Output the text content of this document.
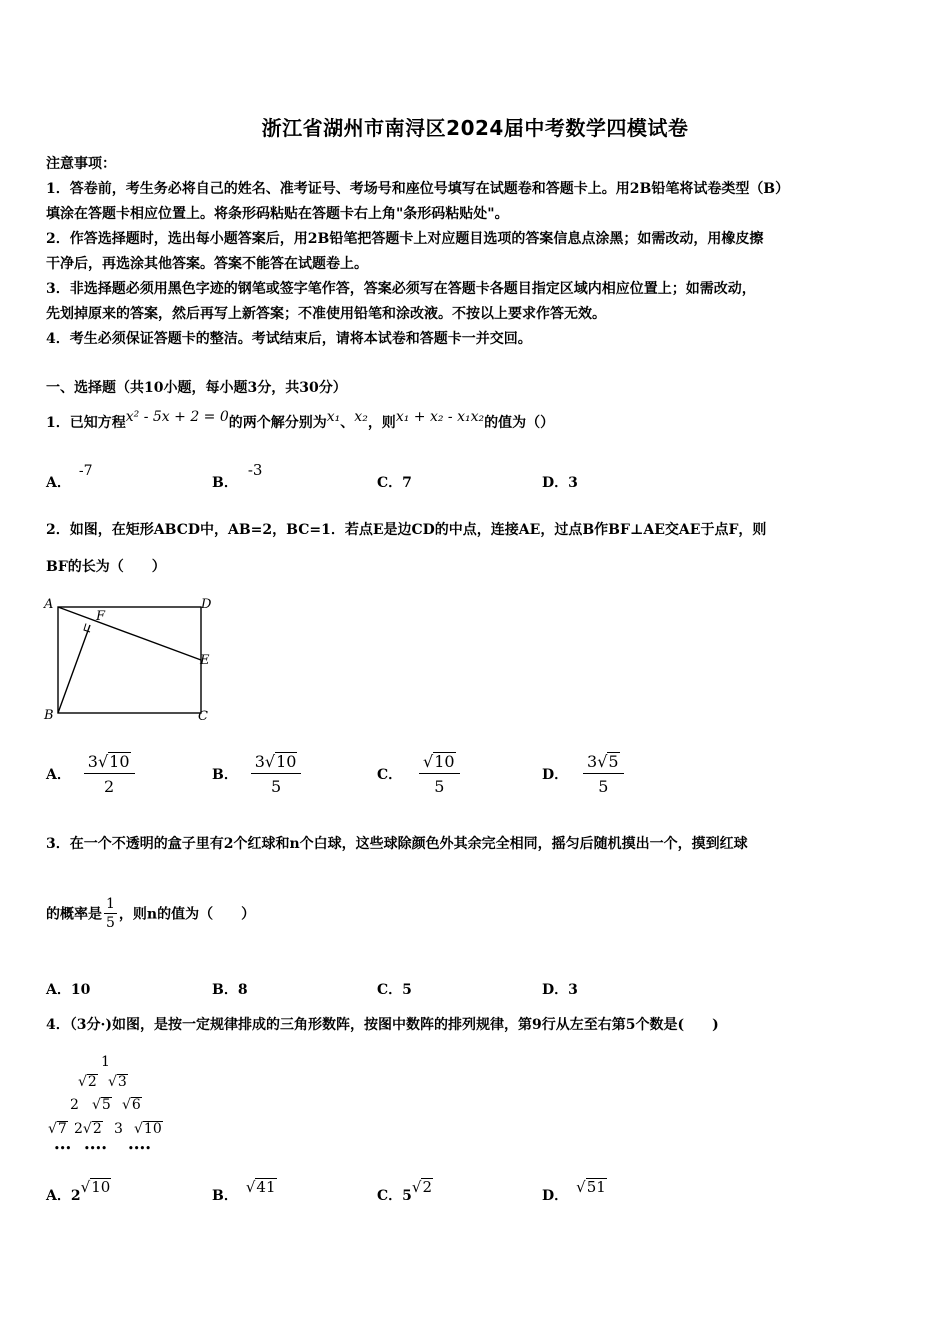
浙江省湖州市南浔区2024届中考数学四模试卷
注意事项：
1．答卷前，考生务必将自己的姓名、准考证号、考场号和座位号填写在试题卷和答题卡上。用2B铅笔将试卷类型（B）
填涂在答题卡相应位置上。将条形码粘贴在答题卡右上角"条形码粘贴处"。
2．作答选择题时，选出每小题答案后，用2B铅笔把答题卡上对应题目选项的答案信息点涂黑；如需改动，用橡皮擦
干净后，再选涂其他答案。答案不能答在试题卷上。
3．非选择题必须用黑色字迹的钢笔或签字笔作答，答案必须写在答题卡各题目指定区域内相应位置上；如需改动，
先划掉原来的答案，然后再写上新答案；不准使用铅笔和涂改液。不按以上要求作答无效。
4．考生必须保证答题卡的整洁。考试结束后，请将本试卷和答题卡一并交回。
一、选择题（共10小题，每小题3分，共30分）
1．已知方程x² - 5x + 2 = 0的两个解分别为x₁、x₂，则x₁ + x₂ - x₁x₂的值为（）
A．-7
B．-3
C．7	D．3
2．如图，在矩形ABCD中，AB=2，BC=1．若点E是边CD的中点，连接AE，过点B作BF⊥AE交AE于点F，则
BF的长为（　　）
A	D
F
E
B	C
A． $\frac{3√10}{2}$	B． $\frac{3√10}{5}$	C． $\frac{√10}{5}$	D． $\frac{3√5}{5}$
3．在一个不透明的盒子里有2个红球和n个白球，这些球除颜色外其余完全相同，摇匀后随机摸出一个，摸到红球
的概率是 $\frac{1}{5}$ ，则n的值为（　　）
A．10	B．8	C．5	D．3
4．（3分·)如图，是按一定规律排成的三角形数阵，按图中数阵的排列规律，第9行从左至右第5个数是(　　)
1
√2 √3
2 √5 √6
√7 2√2 3 √10
••• •••• ••••
A．2√10	B． √41	C．5√2	D． √51
